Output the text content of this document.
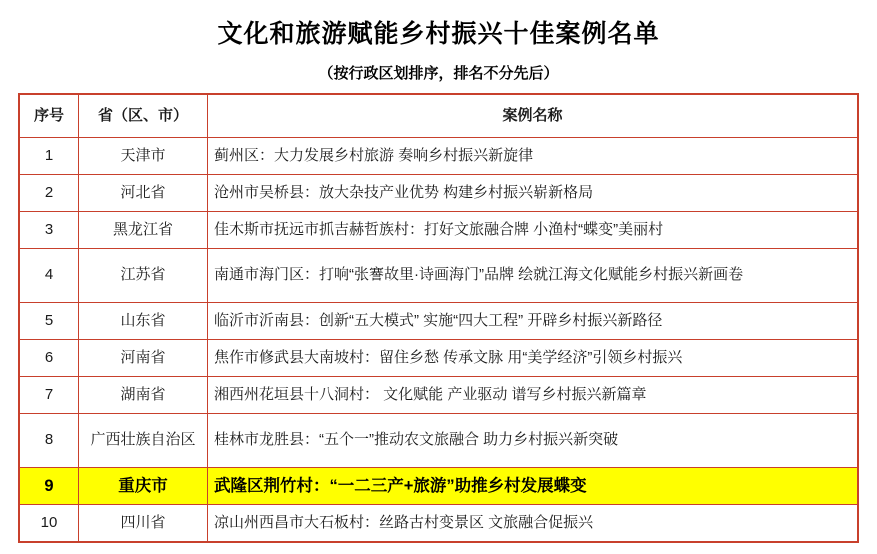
文化和旅游赋能乡村振兴十佳案例名单
（按行政区划排序，排名不分先后）
序号	省（区、市）	案例名称
1	天津市	蓟州区：大力发展乡村旅游 奏响乡村振兴新旋律
2	河北省	沧州市吴桥县：放大杂技产业优势 构建乡村振兴崭新格局
3	黑龙江省	佳木斯市抚远市抓吉赫哲族村：打好文旅融合牌 小渔村“蝶变”美丽村
4	江苏省	南通市海门区：打响“张謇故里·诗画海门”品牌 绘就江海文化赋能乡村振兴新画卷
5	山东省	临沂市沂南县：创新“五大模式” 实施“四大工程” 开辟乡村振兴新路径
6	河南省	焦作市修武县大南坡村：留住乡愁 传承文脉 用“美学经济”引领乡村振兴
7	湖南省	湘西州花垣县十八洞村： 文化赋能 产业驱动 谱写乡村振兴新篇章
8	广西壮族自治区	桂林市龙胜县：“五个一”推动农文旅融合 助力乡村振兴新突破
9	重庆市	武隆区荆竹村：“一二三产+旅游”助推乡村发展蝶变
10	四川省	凉山州西昌市大石板村：丝路古村变景区 文旅融合促振兴
